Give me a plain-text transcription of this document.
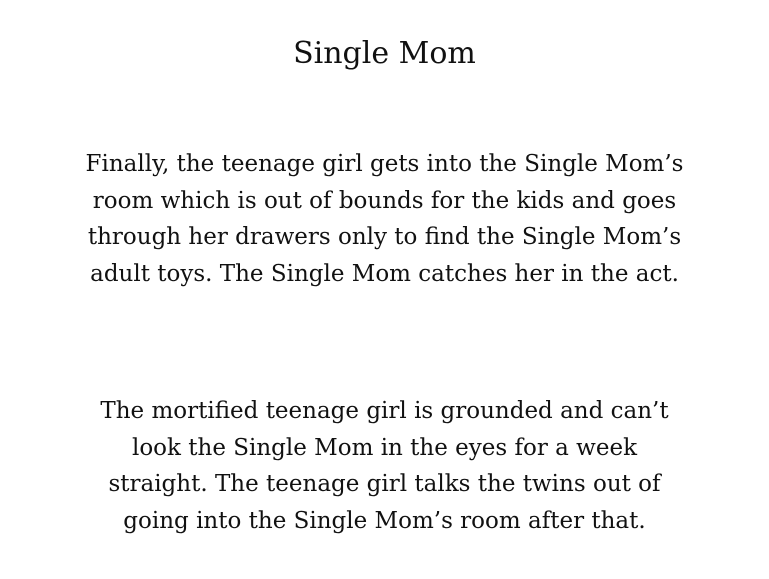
Single Mom

Finally, the teenage girl gets into the Single Mom’s room which is out of bounds for the kids and goes through her drawers only to find the Single Mom’s adult toys. The Single Mom catches her in the act.

The mortified teenage girl is grounded and can’t look the Single Mom in the eyes for a week straight. The teenage girl talks the twins out of going into the Single Mom’s room after that.
